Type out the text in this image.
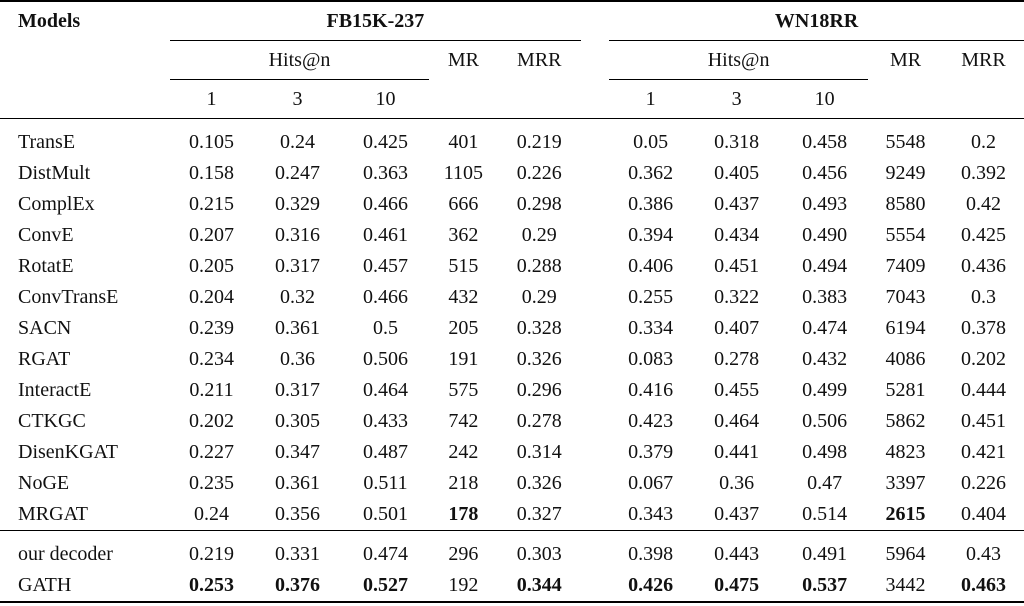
Models	FB15K-237						WN18RR				
	Hits@n			MR	MRR		Hits@n			MR	MRR
	1	3	10				1	3	10		

TransE	0.105	0.24	0.425	401	0.219		0.05	0.318	0.458	5548	0.2
DistMult	0.158	0.247	0.363	1105	0.226		0.362	0.405	0.456	9249	0.392
ComplEx	0.215	0.329	0.466	666	0.298		0.386	0.437	0.493	8580	0.42
ConvE	0.207	0.316	0.461	362	0.29		0.394	0.434	0.490	5554	0.425
RotatE	0.205	0.317	0.457	515	0.288		0.406	0.451	0.494	7409	0.436
ConvTransE	0.204	0.32	0.466	432	0.29		0.255	0.322	0.383	7043	0.3
SACN	0.239	0.361	0.5	205	0.328		0.334	0.407	0.474	6194	0.378
RGAT	0.234	0.36	0.506	191	0.326		0.083	0.278	0.432	4086	0.202
InteractE	0.211	0.317	0.464	575	0.296		0.416	0.455	0.499	5281	0.444
CTKGC	0.202	0.305	0.433	742	0.278		0.423	0.464	0.506	5862	0.451
DisenKGAT	0.227	0.347	0.487	242	0.314		0.379	0.441	0.498	4823	0.421
NoGE	0.235	0.361	0.511	218	0.326		0.067	0.36	0.47	3397	0.226
MRGAT	0.24	0.356	0.501	178	0.327		0.343	0.437	0.514	2615	0.404

our decoder	0.219	0.331	0.474	296	0.303		0.398	0.443	0.491	5964	0.43
GATH	0.253	0.376	0.527	192	0.344		0.426	0.475	0.537	3442	0.463
